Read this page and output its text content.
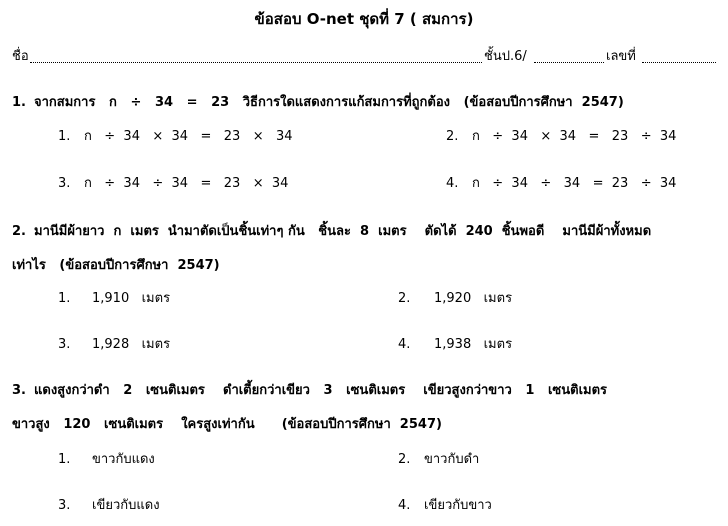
ข้อสอบ O-net ชุดที่ 7 ( สมการ)
ชื่อ	ชั้นป.6/	เลขที่
1. จากสมการ   ก   ÷   34   =   23   วิธีการใดแสดงการแก้สมการที่ถูกต้อง   (ข้อสอบปีการศึกษา  2547)
1. ก   ÷  34   ×  34   =   23   ×   34	2. ก   ÷  34   ×  34   =   23   ÷  34
3. ก   ÷  34   ÷  34   =   23   ×  34	4. ก   ÷  34   ÷   34   =  23   ÷  34
2. มานีมีผ้ายาว  ก  เมตร  นำมาตัดเป็นชิ้นเท่าๆ กัน   ชิ้นละ  8  เมตร    ตัดได้  240  ชิ้นพอดี    มานีมีผ้าทั้งหมด
เท่าไร   (ข้อสอบปีการศึกษา  2547)
1. 1,910   เมตร	2. 1,920   เมตร
3. 1,928   เมตร	4. 1,938   เมตร
3. แดงสูงกว่าดำ   2   เซนติเมตร    ดำเตี้ยกว่าเขียว   3   เซนติเมตร    เขียวสูงกว่าขาว   1   เซนติเมตร
ขาวสูง   120   เซนติเมตร    ใครสูงเท่ากัน      (ข้อสอบปีการศึกษา  2547)
1. ขาวกับแดง	2. ขาวกับดำ
3. เขียวกับแดง	4. เขียวกับขาว
